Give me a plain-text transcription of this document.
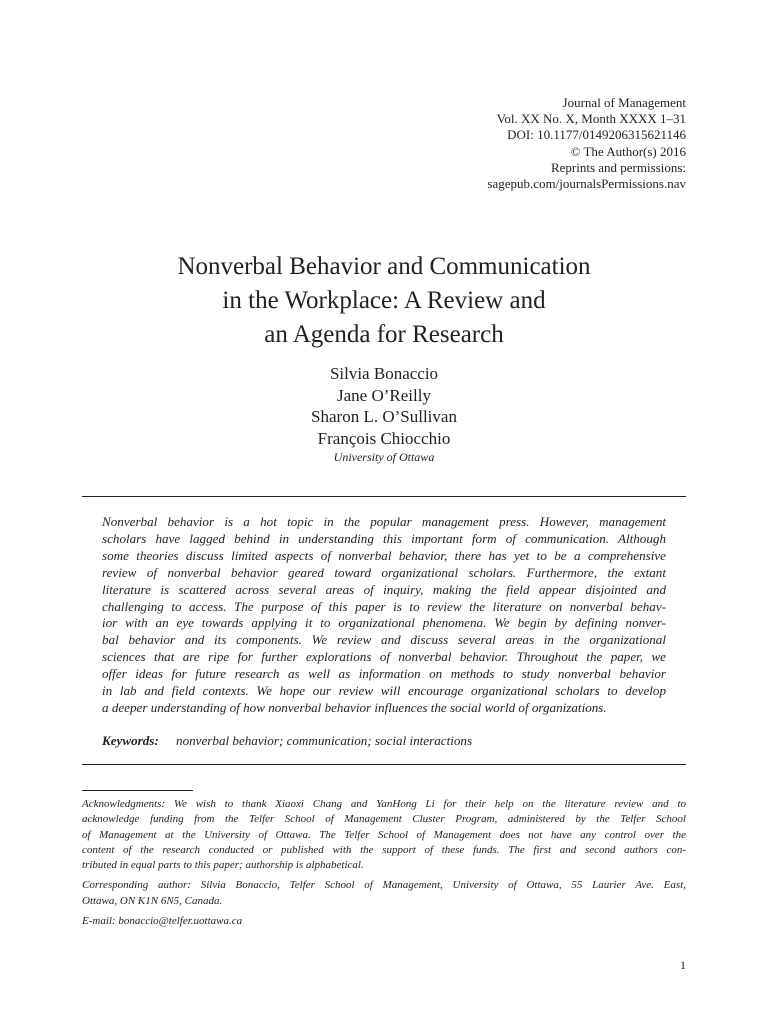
Journal of Management
Vol. XX No. X, Month XXXX 1–31
DOI: 10.1177/0149206315621146
© The Author(s) 2016
Reprints and permissions:
sagepub.com/journalsPermissions.nav
Nonverbal Behavior and Communication
in the Workplace: A Review and
an Agenda for Research
Silvia Bonaccio
Jane O’Reilly
Sharon L. O’Sullivan
François Chiocchio
University of Ottawa
Nonverbal behavior is a hot topic in the popular management press. However, management
scholars have lagged behind in understanding this important form of communication. Although
some theories discuss limited aspects of nonverbal behavior, there has yet to be a comprehensive
review of nonverbal behavior geared toward organizational scholars. Furthermore, the extant
literature is scattered across several areas of inquiry, making the field appear disjointed and
challenging to access. The purpose of this paper is to review the literature on nonverbal behav-
ior with an eye towards applying it to organizational phenomena. We begin by defining nonver-
bal behavior and its components. We review and discuss several areas in the organizational
sciences that are ripe for further explorations of nonverbal behavior. Throughout the paper, we
offer ideas for future research as well as information on methods to study nonverbal behavior
in lab and field contexts. We hope our review will encourage organizational scholars to develop
a deeper understanding of how nonverbal behavior influences the social world of organizations.
Keywords: nonverbal behavior; communication; social interactions
Acknowledgments: We wish to thank Xiaoxi Chang and YanHong Li for their help on the literature review and to
acknowledge funding from the Telfer School of Management Cluster Program, administered by the Telfer School
of Management at the University of Ottawa. The Telfer School of Management does not have any control over the
content of the research conducted or published with the support of these funds. The first and second authors con-
tributed in equal parts to this paper; authorship is alphabetical.
Corresponding author: Silvia Bonaccio, Telfer School of Management, University of Ottawa, 55 Laurier Ave. East,
Ottawa, ON K1N 6N5, Canada.
E-mail: bonaccio@telfer.uottawa.ca
1
